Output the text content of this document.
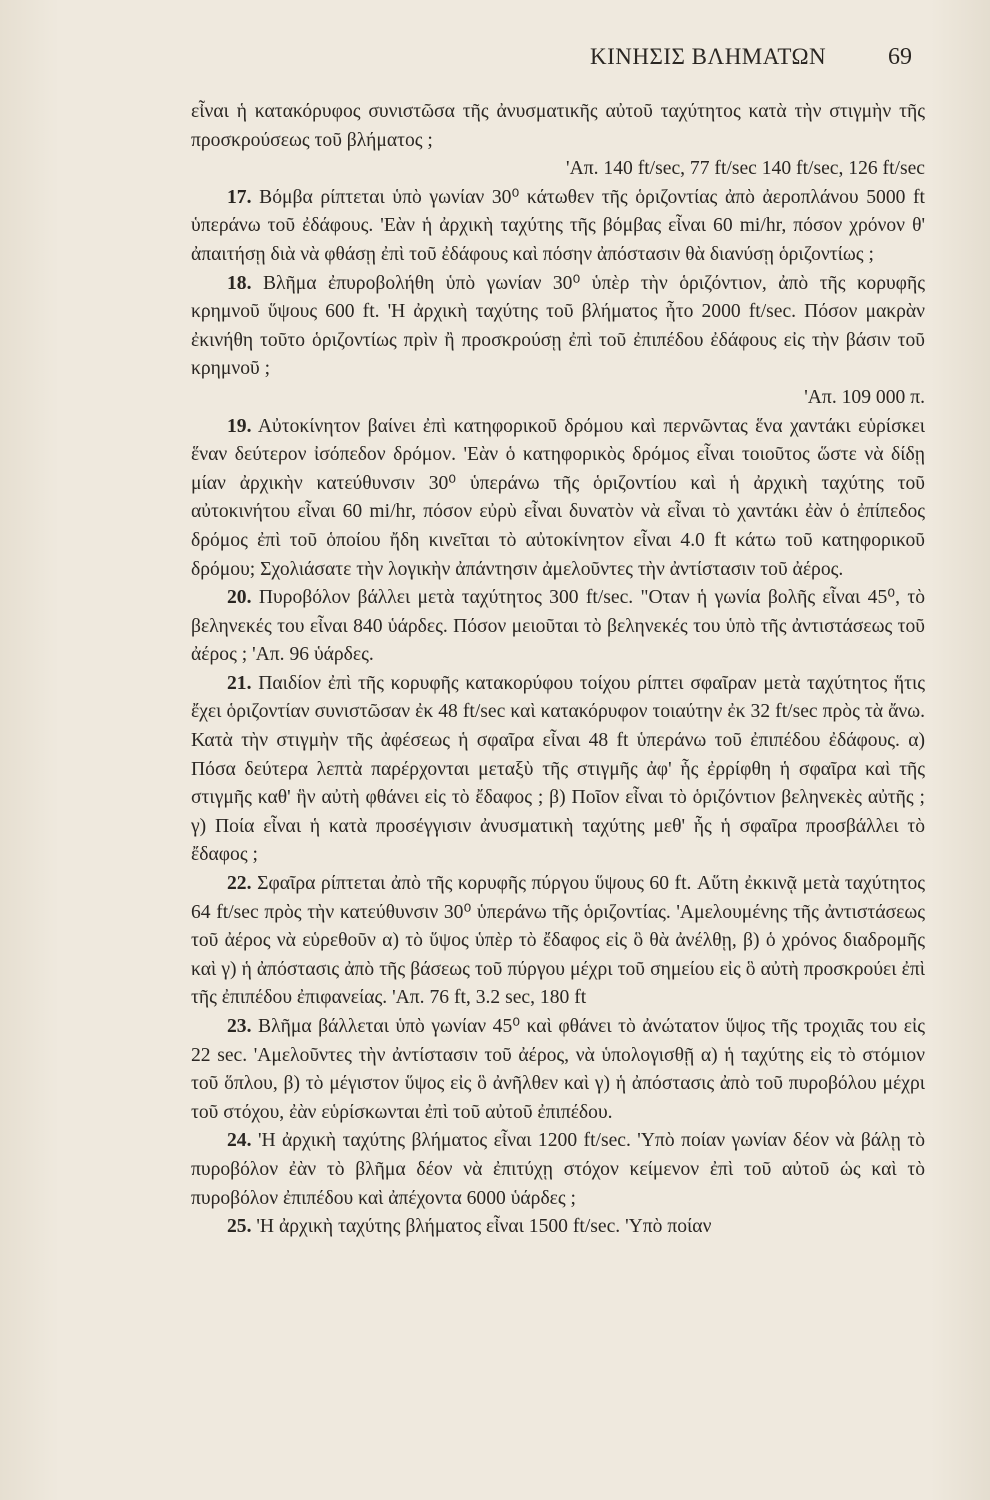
ΚΙΝΗΣΙΣ ΒΛΗΜΑΤΩΝ	69

εἶναι ἡ κατακόρυφος συνιστῶσα τῆς ἀνυσματικῆς αὐτοῦ ταχύτητος κατὰ τὴν στιγμὴν τῆς προσκρούσεως τοῦ βλήματος ;

'Απ. 140 ft/sec, 77 ft/sec 140 ft/sec, 126 ft/sec

17. Βόμβα ρίπτεται ὑπὸ γωνίαν 30⁰ κάτωθεν τῆς ὁριζοντίας ἀπὸ ἀεροπλάνου 5000 ft ὑπεράνω τοῦ ἐδάφους. 'Εὰν ἡ ἀρχικὴ ταχύτης τῆς βόμβας εἶναι 60 mi/hr, πόσον χρόνον θ' ἀπαιτήσῃ διὰ νὰ φθάσῃ ἐπὶ τοῦ ἐδάφους καὶ πόσην ἀπόστασιν θὰ διανύσῃ ὁριζοντίως ;

18. Βλῆμα ἐπυροβολήθη ὑπὸ γωνίαν 30⁰ ὑπὲρ τὴν ὁριζόντιον, ἀπὸ τῆς κορυφῆς κρημνοῦ ὕψους 600 ft. 'Η ἀρχικὴ ταχύτης τοῦ βλήματος ἦτο 2000 ft/sec. Πόσον μακρὰν ἐκινήθη τοῦτο ὁριζοντίως πρὶν ἢ προσκρούσῃ ἐπὶ τοῦ ἐπιπέδου ἐδάφους εἰς τὴν βάσιν τοῦ κρημνοῦ ;

'Απ. 109 000 π.

19. Αὐτοκίνητον βαίνει ἐπὶ κατηφορικοῦ δρόμου καὶ περνῶντας ἕνα χαντάκι εὑρίσκει ἕναν δεύτερον ἰσόπεδον δρόμον. 'Εὰν ὁ κατηφορικὸς δρόμος εἶναι τοιοῦτος ὥστε νὰ δίδῃ μίαν ἀρχικὴν κατεύθυνσιν 30⁰ ὑπεράνω τῆς ὁριζοντίου καὶ ἡ ἀρχικὴ ταχύτης τοῦ αὐτοκινήτου εἶναι 60 mi/hr, πόσον εὐρὺ εἶναι δυνατὸν νὰ εἶναι τὸ χαντάκι ἐὰν ὁ ἐπίπεδος δρόμος ἐπὶ τοῦ ὁποίου ἤδη κινεῖται τὸ αὐτοκίνητον εἶναι 4.0 ft κάτω τοῦ κατηφορικοῦ δρόμου; Σχολιάσατε τὴν λογικὴν ἀπάντησιν ἀμελοῦντες τὴν ἀντίστασιν τοῦ ἀέρος.

20. Πυροβόλον βάλλει μετὰ ταχύτητος 300 ft/sec. "Οταν ἡ γωνία βολῆς εἶναι 45⁰, τὸ βεληνεκές του εἶναι 840 ὑάρδες. Πόσον μειοῦται τὸ βεληνεκές του ὑπὸ τῆς ἀντιστάσεως τοῦ ἀέρος ; 'Απ. 96 ὑάρδες.

21. Παιδίον ἐπὶ τῆς κορυφῆς κατακορύφου τοίχου ρίπτει σφαῖραν μετὰ ταχύτητος ἥτις ἔχει ὁριζοντίαν συνιστῶσαν ἐκ 48 ft/sec καὶ κατακόρυφον τοιαύτην ἐκ 32 ft/sec πρὸς τὰ ἄνω. Κατὰ τὴν στιγμὴν τῆς ἀφέσεως ἡ σφαῖρα εἶναι 48 ft ὑπεράνω τοῦ ἐπιπέδου ἐδάφους. α) Πόσα δεύτερα λεπτὰ παρέρχονται μεταξὺ τῆς στιγμῆς ἀφ' ἧς ἐρρίφθη ἡ σφαῖρα καὶ τῆς στιγμῆς καθ' ἣν αὐτὴ φθάνει εἰς τὸ ἔδαφος ; β) Ποῖον εἶναι τὸ ὁριζόντιον βεληνεκὲς αὐτῆς ; γ) Ποία εἶναι ἡ κατὰ προσέγγισιν ἀνυσματικὴ ταχύτης μεθ' ἧς ἡ σφαῖρα προσβάλλει τὸ ἔδαφος ;

22. Σφαῖρα ρίπτεται ἀπὸ τῆς κορυφῆς πύργου ὕψους 60 ft. Αὕτη ἐκκινᾷ μετὰ ταχύτητος 64 ft/sec πρὸς τὴν κατεύθυνσιν 30⁰ ὑπεράνω τῆς ὁριζοντίας. 'Αμελουμένης τῆς ἀντιστάσεως τοῦ ἀέρος νὰ εὑρεθοῦν α) τὸ ὕψος ὑπὲρ τὸ ἔδαφος εἰς ὃ θὰ ἀνέλθῃ, β) ὁ χρόνος διαδρομῆς καὶ γ) ἡ ἀπόστασις ἀπὸ τῆς βάσεως τοῦ πύργου μέχρι τοῦ σημείου εἰς ὃ αὐτὴ προσκρούει ἐπὶ τῆς ἐπιπέδου ἐπιφανείας. 'Απ. 76 ft, 3.2 sec, 180 ft

23. Βλῆμα βάλλεται ὑπὸ γωνίαν 45⁰ καὶ φθάνει τὸ ἀνώτατον ὕψος τῆς τροχιᾶς του εἰς 22 sec. 'Αμελοῦντες τὴν ἀντίστασιν τοῦ ἀέρος, νὰ ὑπολογισθῇ α) ἡ ταχύτης εἰς τὸ στόμιον τοῦ ὅπλου, β) τὸ μέγιστον ὕψος εἰς ὃ ἀνῆλθεν καὶ γ) ἡ ἀπόστασις ἀπὸ τοῦ πυροβόλου μέχρι τοῦ στόχου, ἐὰν εὑρίσκωνται ἐπὶ τοῦ αὐτοῦ ἐπιπέδου.

24. 'Η ἀρχικὴ ταχύτης βλήματος εἶναι 1200 ft/sec. 'Υπὸ ποίαν γωνίαν δέον νὰ βάλῃ τὸ πυροβόλον ἐὰν τὸ βλῆμα δέον νὰ ἐπιτύχῃ στόχον κείμενον ἐπὶ τοῦ αὐτοῦ ὡς καὶ τὸ πυροβόλον ἐπιπέδου καὶ ἀπέχοντα 6000 ὑάρδες ;

25. 'Η ἀρχικὴ ταχύτης βλήματος εἶναι 1500 ft/sec. 'Υπὸ ποίαν
